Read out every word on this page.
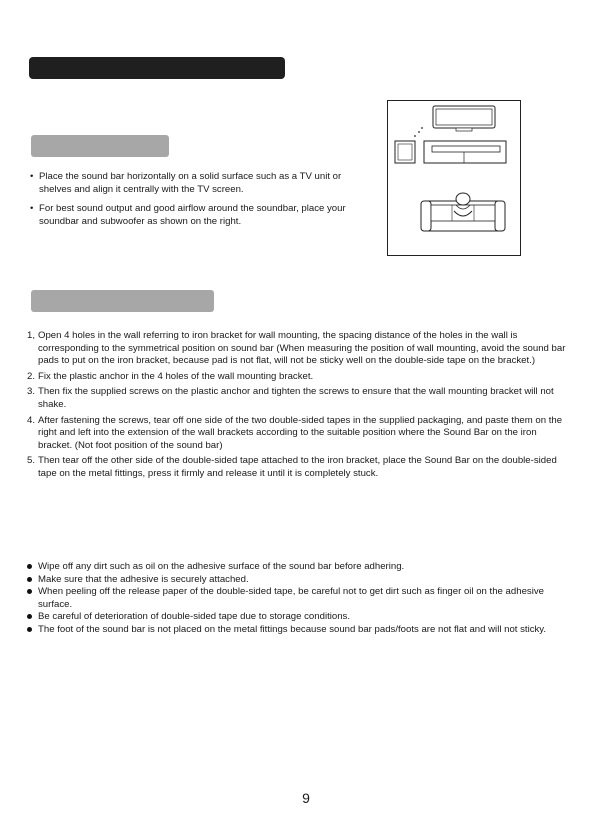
• Place the sound bar horizontally on a solid surface such as a TV unit or shelves and align it centrally with the TV screen.
• For best sound output and good airflow around the soundbar, place your soundbar and subwoofer as shown on the right.
1, Open 4 holes in the wall referring to iron bracket for wall mounting, the spacing distance of the holes in the wall is corresponding to the symmetrical position on sound bar (When measuring the position of wall mounting, avoid the sound bar pads to put on the iron bracket, because pad is not flat, will not be sticky well on the double-side tape on the bracket.)
2. Fix the plastic anchor in the 4 holes of the wall mounting bracket.
3. Then fix the supplied screws on the plastic anchor and tighten the screws to ensure that the wall mounting bracket will not shake.
4. After fastening the screws, tear off one side of the two double-sided tapes in the supplied packaging, and paste them on the right and left into the extension of the wall brackets according to the suitable position where the Sound Bar on the iron bracket. (Not foot position of the sound bar)
5. Then tear off the other side of the double-sided tape attached to the iron bracket, place the Sound Bar on the double-sided tape on the metal fittings, press it firmly and release it until it is completely stuck.
Wipe off any dirt such as oil on the adhesive surface of the sound bar before adhering.
Make sure that the adhesive is securely attached.
When peeling off the release paper of the double-sided tape, be careful not to get dirt such as finger oil on the adhesive surface.
Be careful of deterioration of double-sided tape due to storage conditions.
The foot of the sound bar is not placed on the metal fittings because sound bar pads/foots are not flat and will not sticky.
9
